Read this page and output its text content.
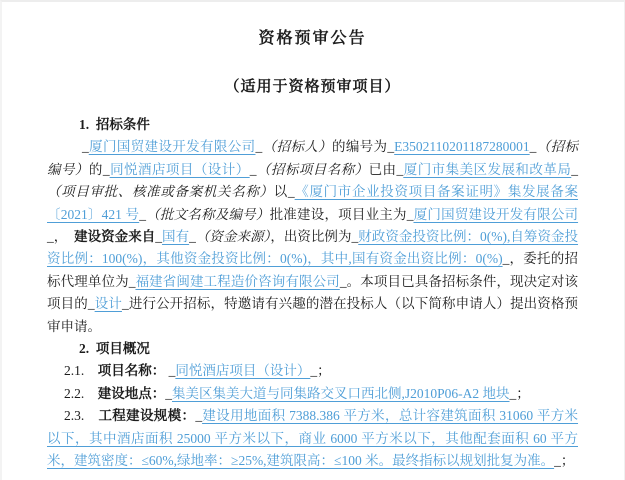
资格预审公告
（适用于资格预审项目）
1.  招标条件
_厦门国贸建设开发有限公司_（招标人）的编号为_E3502110201187280001_（招标编号）的_同悦酒店项目（设计）_（招标项目名称）已由_厦门市集美区发展和改革局_（项目审批、核准或备案机关名称）以_《厦门市企业投资项目备案证明》集发展备案〔2021〕421 号_（批文名称及编号）批准建设，项目业主为_厦门国贸建设开发有限公司_，　建设资金来自_国有_（资金来源），出资比例为_财政资金投资比例：0(%),自筹资金投资比例：100(%)，其他资金投资比例：0(%)，其中,国有资金出资比例：0(%)_，委托的招标代理单位为_福建省闽建工程造价咨询有限公司_。本项目已具备招标条件，现决定对该项目的_设计_进行公开招标，特邀请有兴趣的潜在投标人（以下简称申请人）提出资格预审申请。
2.  项目概况
2.1.　项目名称： _同悦酒店项目（设计）_；
2.2.　建设地点：_集美区集美大道与同集路交叉口西北侧,J2010P06-A2 地块_；
2.3.　工程建设规模：_建设用地面积 7388.386 平方米，总计容建筑面积 31060 平方米以下，其中酒店面积 25000 平方米以下，商业 6000 平方米以下，其他配套面积 60 平方米，建筑密度：≤60%,绿地率：≥25%,建筑限高：≤100 米。最终指标以规划批复为准。_；
